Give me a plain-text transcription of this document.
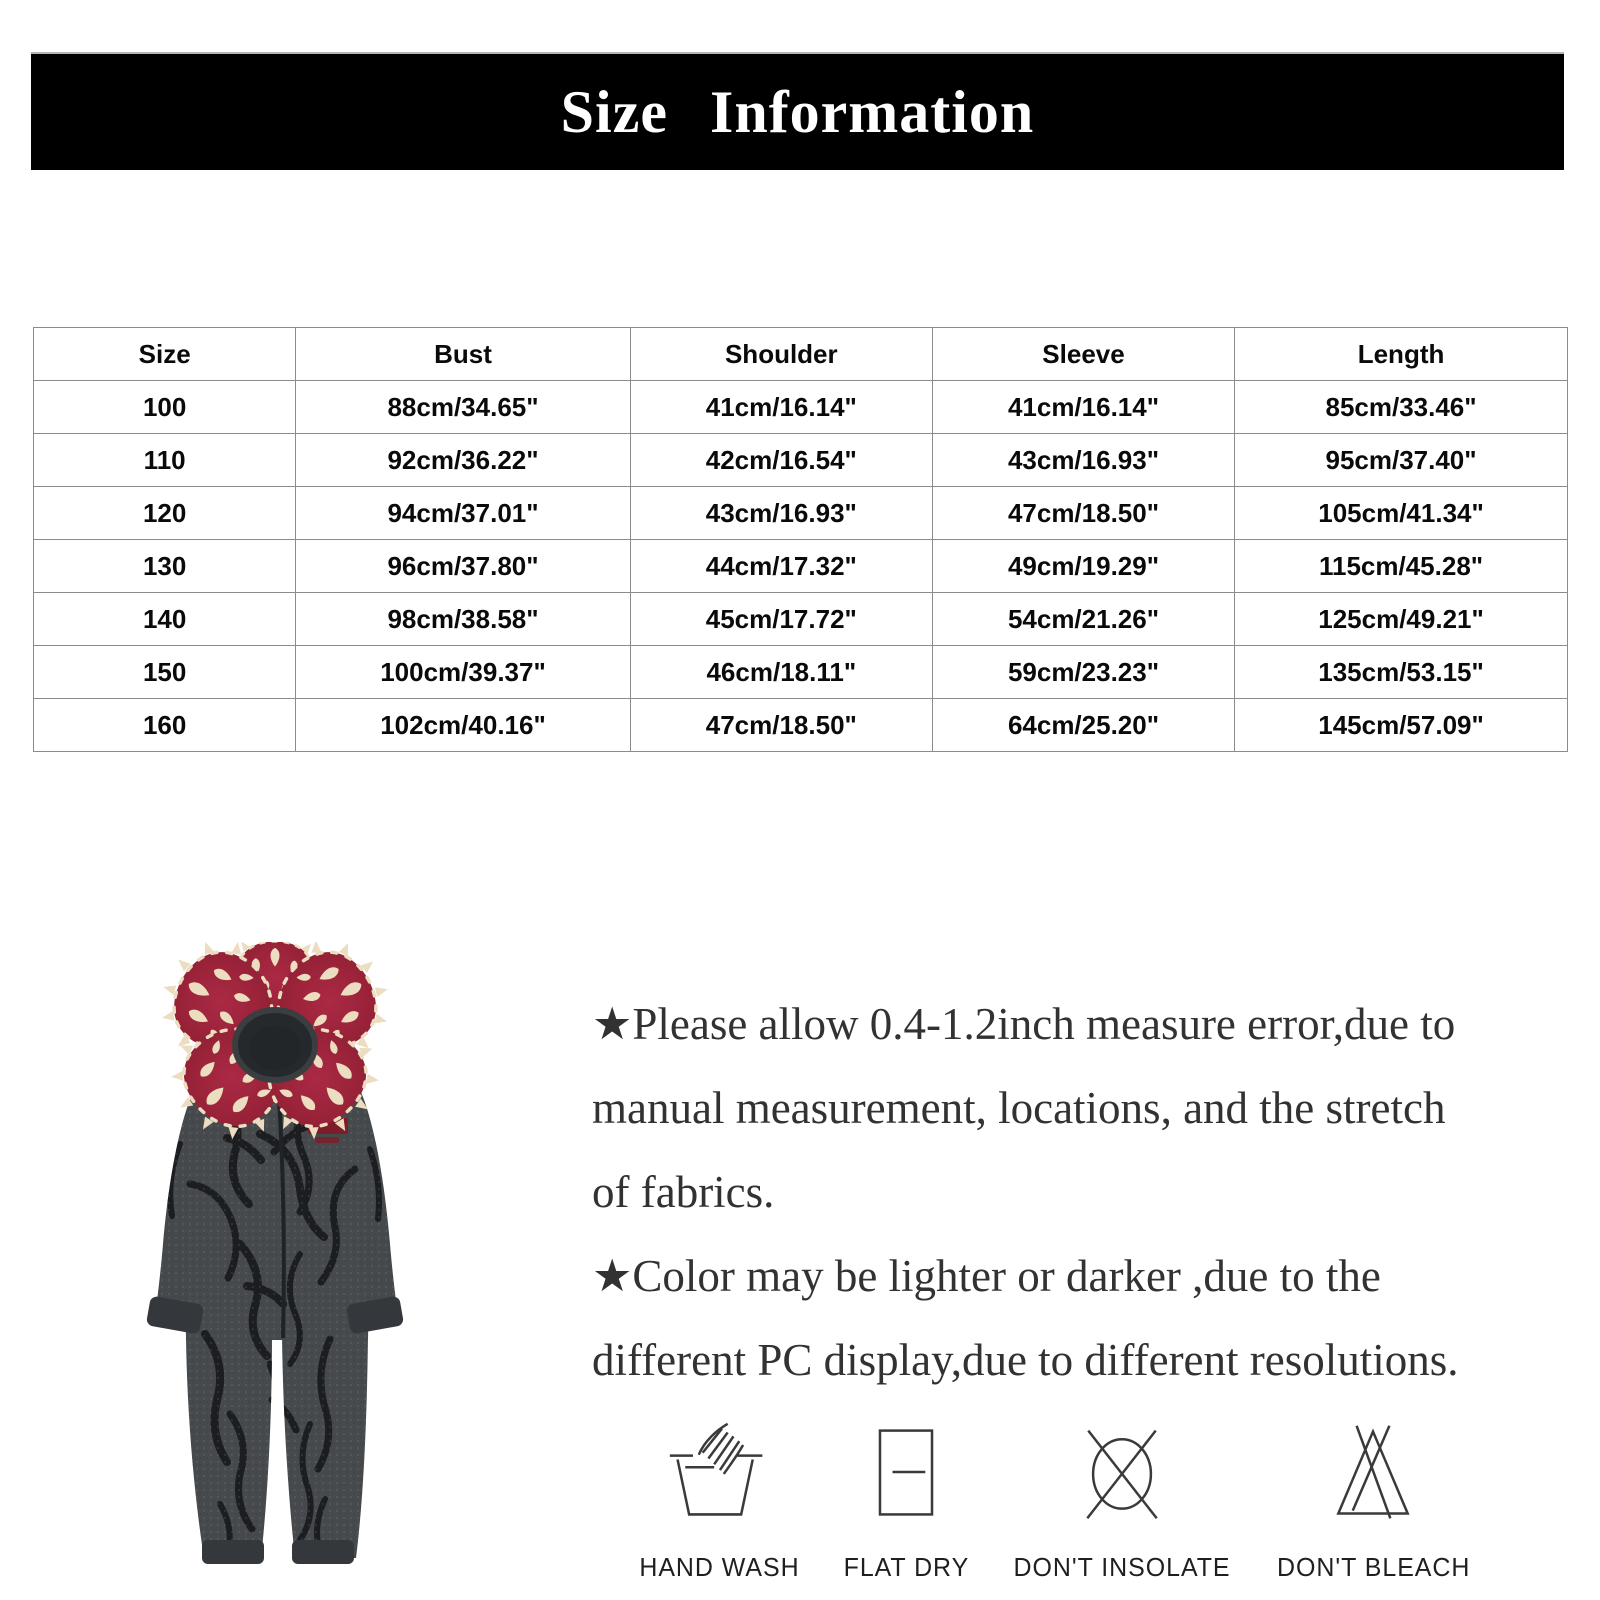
Size Information
Size	Bust	Shoulder	Sleeve	Length
100	88cm/34.65"	41cm/16.14"	41cm/16.14"	85cm/33.46"
110	92cm/36.22"	42cm/16.54"	43cm/16.93"	95cm/37.40"
120	94cm/37.01"	43cm/16.93"	47cm/18.50"	105cm/41.34"
130	96cm/37.80"	44cm/17.32"	49cm/19.29"	115cm/45.28"
140	98cm/38.58"	45cm/17.72"	54cm/21.26"	125cm/49.21"
150	100cm/39.37"	46cm/18.11"	59cm/23.23"	135cm/53.15"
160	102cm/40.16"	47cm/18.50"	64cm/25.20"	145cm/57.09"
★Please allow 0.4-1.2inch measure error,due to
manual measurement, locations, and the stretch
of fabrics.
★Color may be lighter or darker ,due to the
different PC display,due to different resolutions.
HAND WASH FLAT DRY DON'T INSOLATE DON'T BLEACH
